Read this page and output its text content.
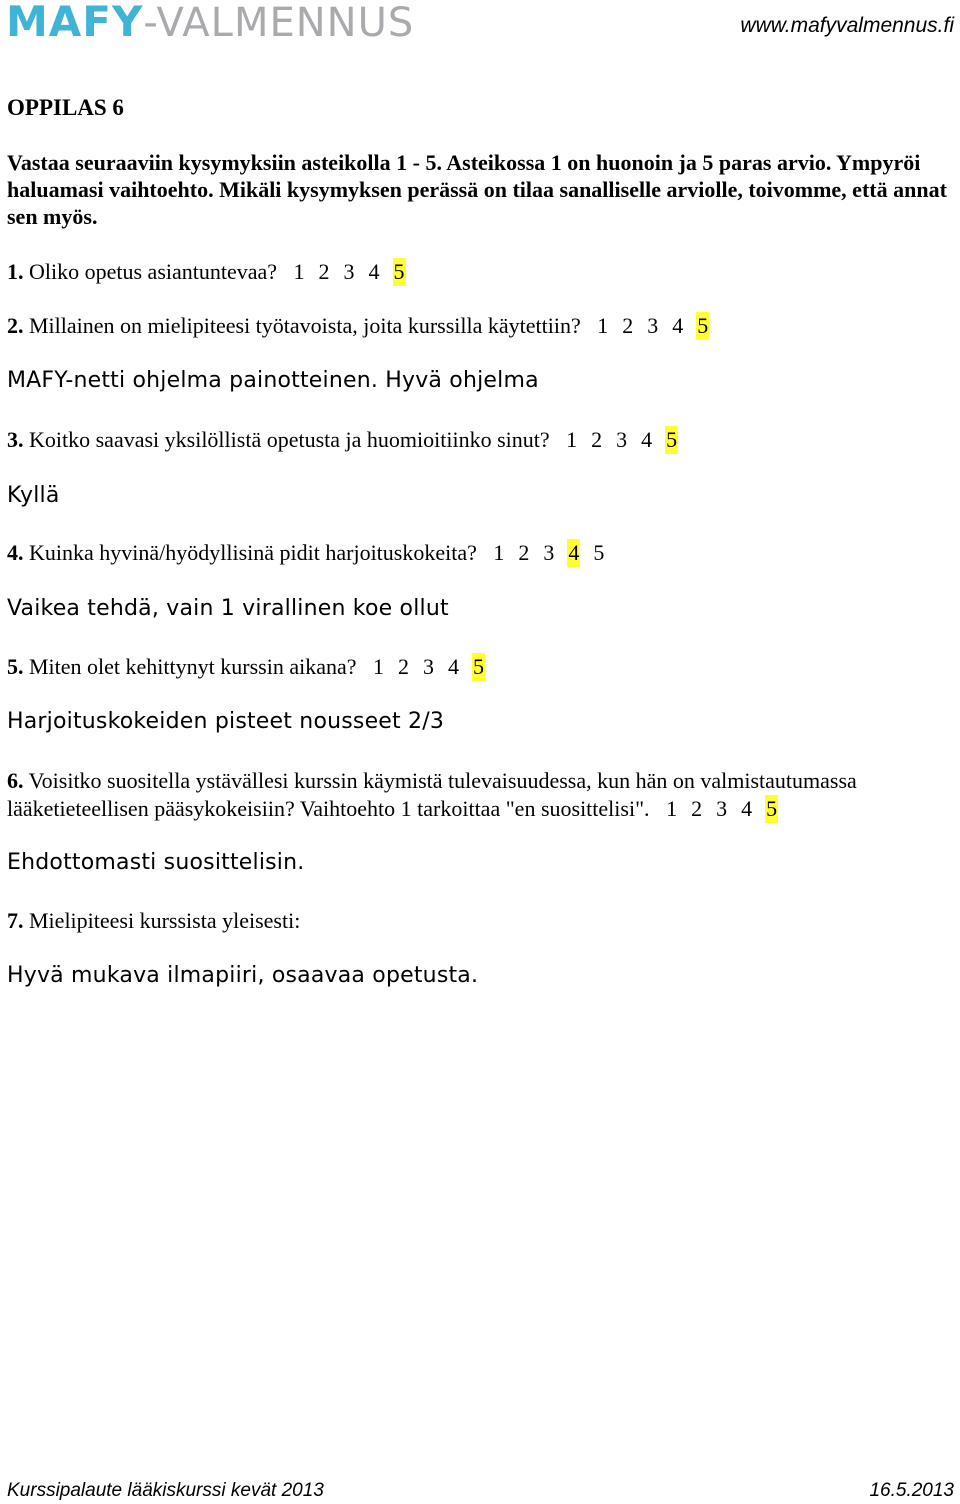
MAFY-VALMENNUS	www.mafyvalmennus.fi
OPPILAS 6
Vastaa seuraaviin kysymyksiin asteikolla 1 - 5. Asteikossa 1 on huonoin ja 5 paras arvio. Ympyröi haluamasi vaihtoehto. Mikäli kysymyksen perässä on tilaa sanalliselle arviolle, toivomme, että annat sen myös.
1. Oliko opetus asiantuntevaa? 1 2 3 4 5
2. Millainen on mielipiteesi työtavoista, joita kurssilla käytettiin? 1 2 3 4 5
MAFY-netti ohjelma painotteinen. Hyvä ohjelma
3. Koitko saavasi yksilöllistä opetusta ja huomioitiinko sinut? 1 2 3 4 5
Kyllä
4. Kuinka hyvinä/hyödyllisinä pidit harjoituskokeita? 1 2 3 4 5
Vaikea tehdä, vain 1 virallinen koe ollut
5. Miten olet kehittynyt kurssin aikana? 1 2 3 4 5
Harjoituskokeiden pisteet nousseet 2/3
6. Voisitko suositella ystävällesi kurssin käymistä tulevaisuudessa, kun hän on valmistautumassa lääketieteellisen pääsykokeisiin? Vaihtoehto 1 tarkoittaa "en suosittelisi". 1 2 3 4 5
Ehdottomasti suosittelisin.
7. Mielipiteesi kurssista yleisesti:
Hyvä mukava ilmapiiri, osaavaa opetusta.
Kurssipalaute lääkiskurssi kevät 2013	16.5.2013
